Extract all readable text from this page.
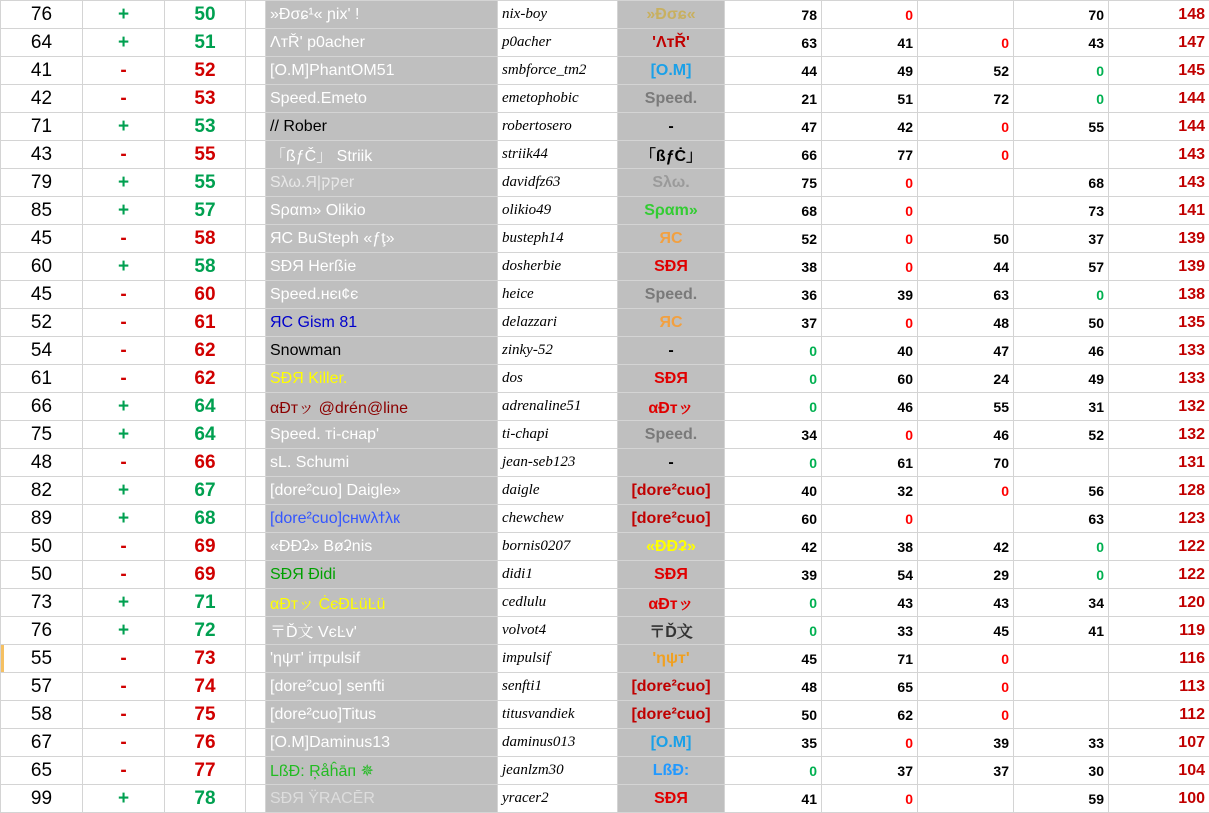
76	+	50		»Ðσɕ¹« ɲix' !	nix-boy	»Ðσɕ«	78	0		70	148
64	+	51		ΛтŘ' p0acher	p0acher	'ΛтŘ'	63	41	0	43	147
41	-	52		[O.M]PhantOM51	smbforce_tm2	[O.M]	44	49	52	0	145
42	-	53		Speed.Emeto	emetophobic	Speed.	21	51	72	0	144
71	+	53		// Rober	robertosero	-	47	42	0	55	144
43	-	55		「ßƒČ」 Striik	striik44	「ßƒĊ」	66	77	0		143
79	+	55		Sλω.Я|קקer	davidfz63	Sλω.	75	0		68	143
85	+	57		Sραm» Olikio	olikio49	Sραm»	68	0		73	141
45	-	58		ЯC BuSteph «ƒţ»	busteph14	ЯC	52	0	50	37	139
60	+	58		SÐЯ Herßie	dosherbie	SÐЯ	38	0	44	57	139
45	-	60		Speed.нєι¢є	heice	Speed.	36	39	63	0	138
52	-	61		ЯC Gism 81	delazzari	ЯC	37	0	48	50	135
54	-	62		Snowman	zinky-52	-	0	40	47	46	133
61	-	62		SÐЯ Killer.	dos	SÐЯ	0	60	24	49	133
66	+	64		αÐтッ @drén@line	adrenaline51	αÐтッ	0	46	55	31	132
75	+	64		Speed. ті-снар'	ti-chapi	Speed.	34	0	46	52	132
48	-	66		sL. Schumi	jean-seb123	-	0	61	70		131
82	+	67		[dore²cuo] Daigle»	daigle	[dore²cuo]	40	32	0	56	128
89	+	68		[dore²cuo]ϲнwλϯλк	chewchew	[dore²cuo]	60	0		63	123
50	-	69		«ÐÐʡ» Bøʡnis	bornis0207	«ÐÐʡ»	42	38	42	0	122
50	-	69		SÐЯ Ðidi	didi1	SÐЯ	39	54	29	0	122
73	+	71		αÐтッ ĊєÐĿüĿü	cedlulu	αÐтッ	0	43	43	34	120
76	+	72		〒Ď文 VєĿv'	volvot4	〒Ď文	0	33	45	41	119
55	-	73		'ηψт' iπpulsif	impulsif	'ηψт'	45	71	0		116
57	-	74		[dore²cuo] senfti	senfti1	[dore²cuo]	48	65	0		113
58	-	75		[dore²cuo]Titus	titusvandiek	[dore²cuo]	50	62	0		112
67	-	76		[O.M]Daminus13	daminus013	[O.M]	35	0	39	33	107
65	-	77		LßĐ: Ŗåĥāп ✵	jeanlzm30	LßĐ:	0	37	37	30	104
99	+	78		SÐЯ ŸRACĒR	yracer2	SÐЯ	41	0		59	100
